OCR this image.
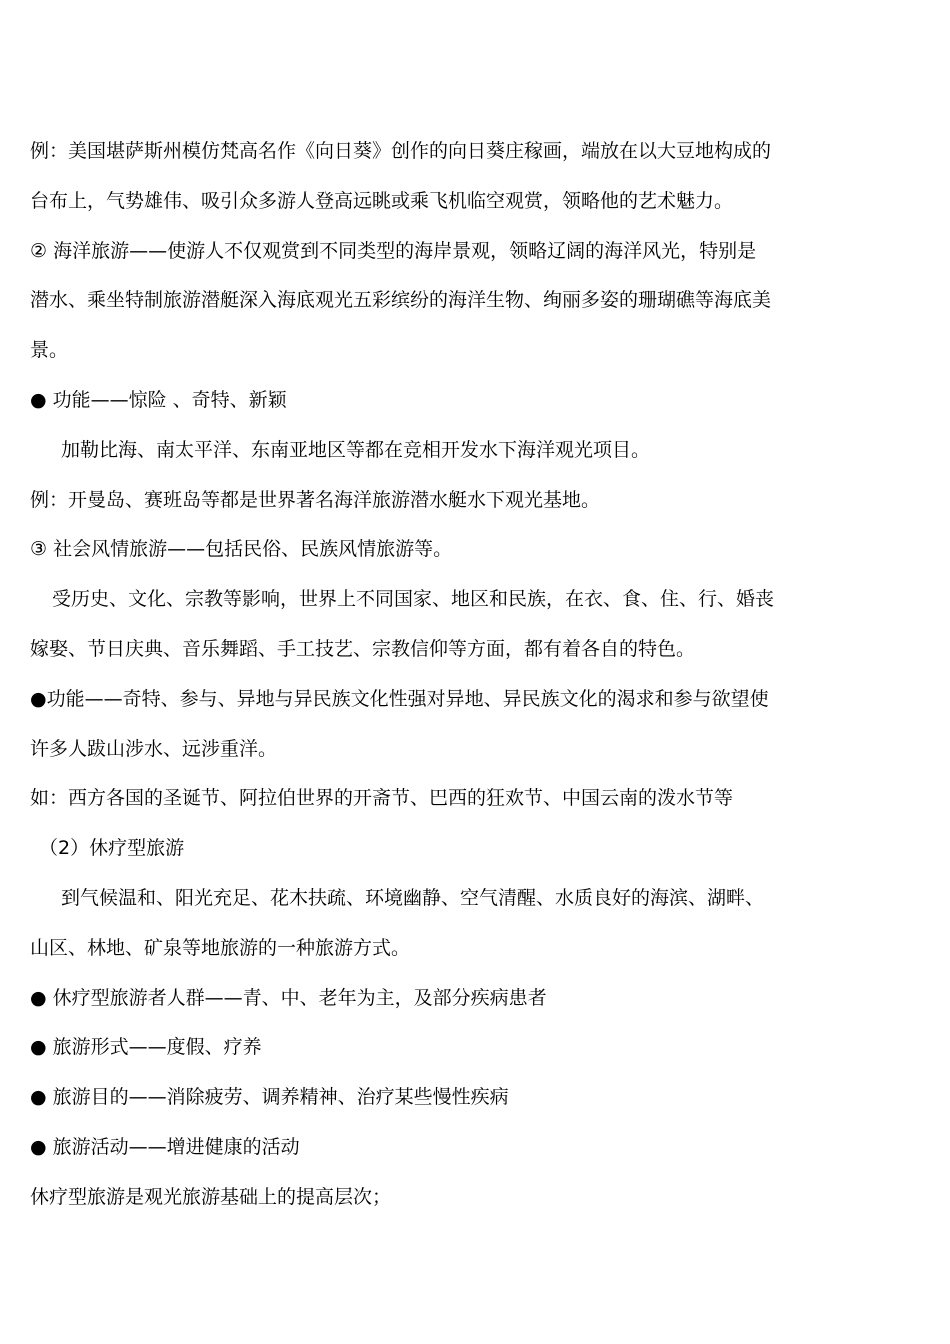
例：美国堪萨斯州模仿梵高名作《向日葵》创作的向日葵庄稼画，端放在以大豆地构成的
台布上，气势雄伟、吸引众多游人登高远眺或乘飞机临空观赏，领略他的艺术魅力。
② 海洋旅游——使游人不仅观赏到不同类型的海岸景观，领略辽阔的海洋风光，特别是
潜水、乘坐特制旅游潜艇深入海底观光五彩缤纷的海洋生物、绚丽多姿的珊瑚礁等海底美
景。
● 功能——惊险 、奇特、新颖
加勒比海、南太平洋、东南亚地区等都在竞相开发水下海洋观光项目。
例：开曼岛、赛班岛等都是世界著名海洋旅游潜水艇水下观光基地。
③ 社会风情旅游——包括民俗、民族风情旅游等。
受历史、文化、宗教等影响，世界上不同国家、地区和民族，在衣、食、住、行、婚丧
嫁娶、节日庆典、音乐舞蹈、手工技艺、宗教信仰等方面，都有着各自的特色。
●功能——奇特、参与、异地与异民族文化性强对异地、异民族文化的渴求和参与欲望使
许多人跋山涉水、远涉重洋。
如：西方各国的圣诞节、阿拉伯世界的开斋节、巴西的狂欢节、中国云南的泼水节等
（2）休疗型旅游
到气候温和、阳光充足、花木扶疏、环境幽静、空气清醒、水质良好的海滨、湖畔、
山区、林地、矿泉等地旅游的一种旅游方式。
● 休疗型旅游者人群——青、中、老年为主，及部分疾病患者
● 旅游形式——度假、疗养
● 旅游目的——消除疲劳、调养精神、治疗某些慢性疾病
● 旅游活动——增进健康的活动
休疗型旅游是观光旅游基础上的提高层次；
